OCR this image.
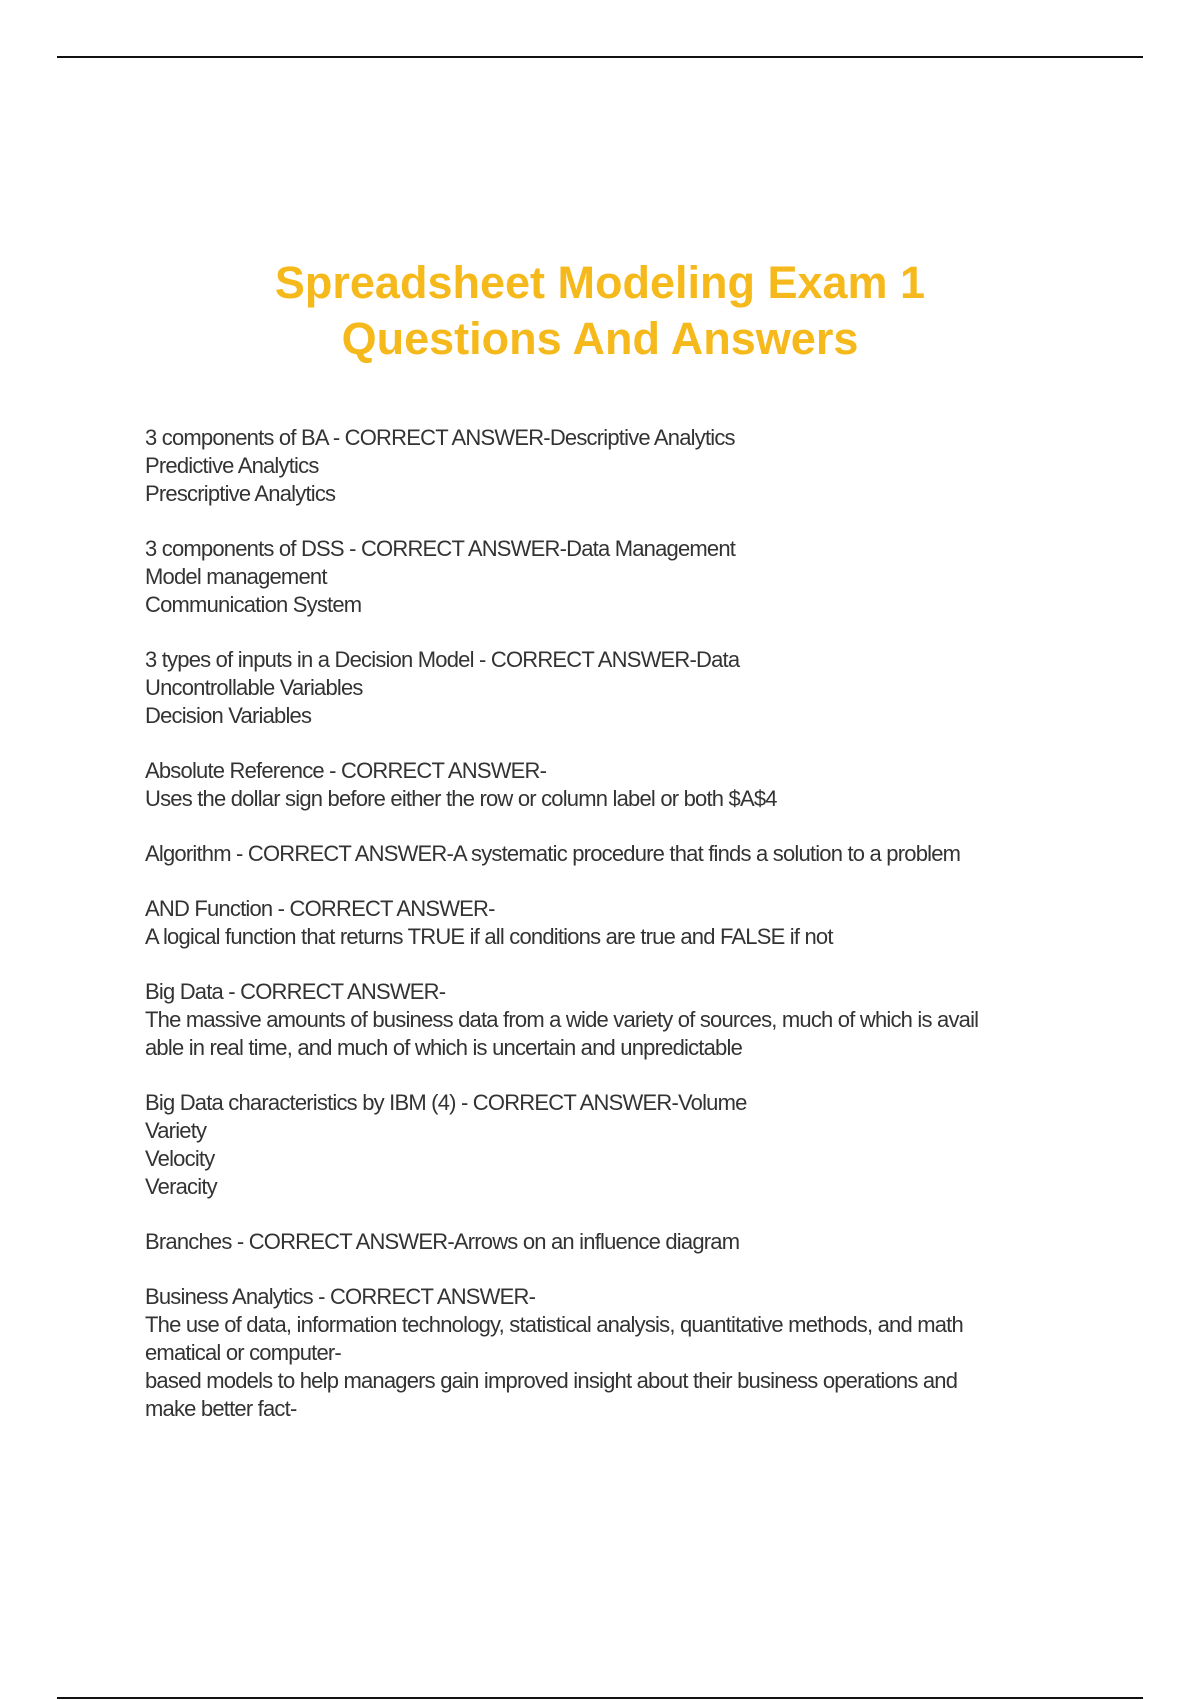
Spreadsheet Modeling Exam 1
Questions And Answers

3 components of BA - CORRECT ANSWER-Descriptive Analytics
Predictive Analytics
Prescriptive Analytics

3 components of DSS - CORRECT ANSWER-Data Management
Model management
Communication System

3 types of inputs in a Decision Model - CORRECT ANSWER-Data
Uncontrollable Variables
Decision Variables

Absolute Reference - CORRECT ANSWER-
Uses the dollar sign before either the row or column label or both $A$4

Algorithm - CORRECT ANSWER-A systematic procedure that finds a solution to a problem

AND Function - CORRECT ANSWER-
A logical function that returns TRUE if all conditions are true and FALSE if not

Big Data - CORRECT ANSWER-
The massive amounts of business data from a wide variety of sources, much of which is avail
able in real time, and much of which is uncertain and unpredictable

Big Data characteristics by IBM (4) - CORRECT ANSWER-Volume
Variety
Velocity
Veracity

Branches - CORRECT ANSWER-Arrows on an influence diagram

Business Analytics - CORRECT ANSWER-
The use of data, information technology, statistical analysis, quantitative methods, and math
ematical or computer-
based models to help managers gain improved insight about their business operations and
make better fact-
